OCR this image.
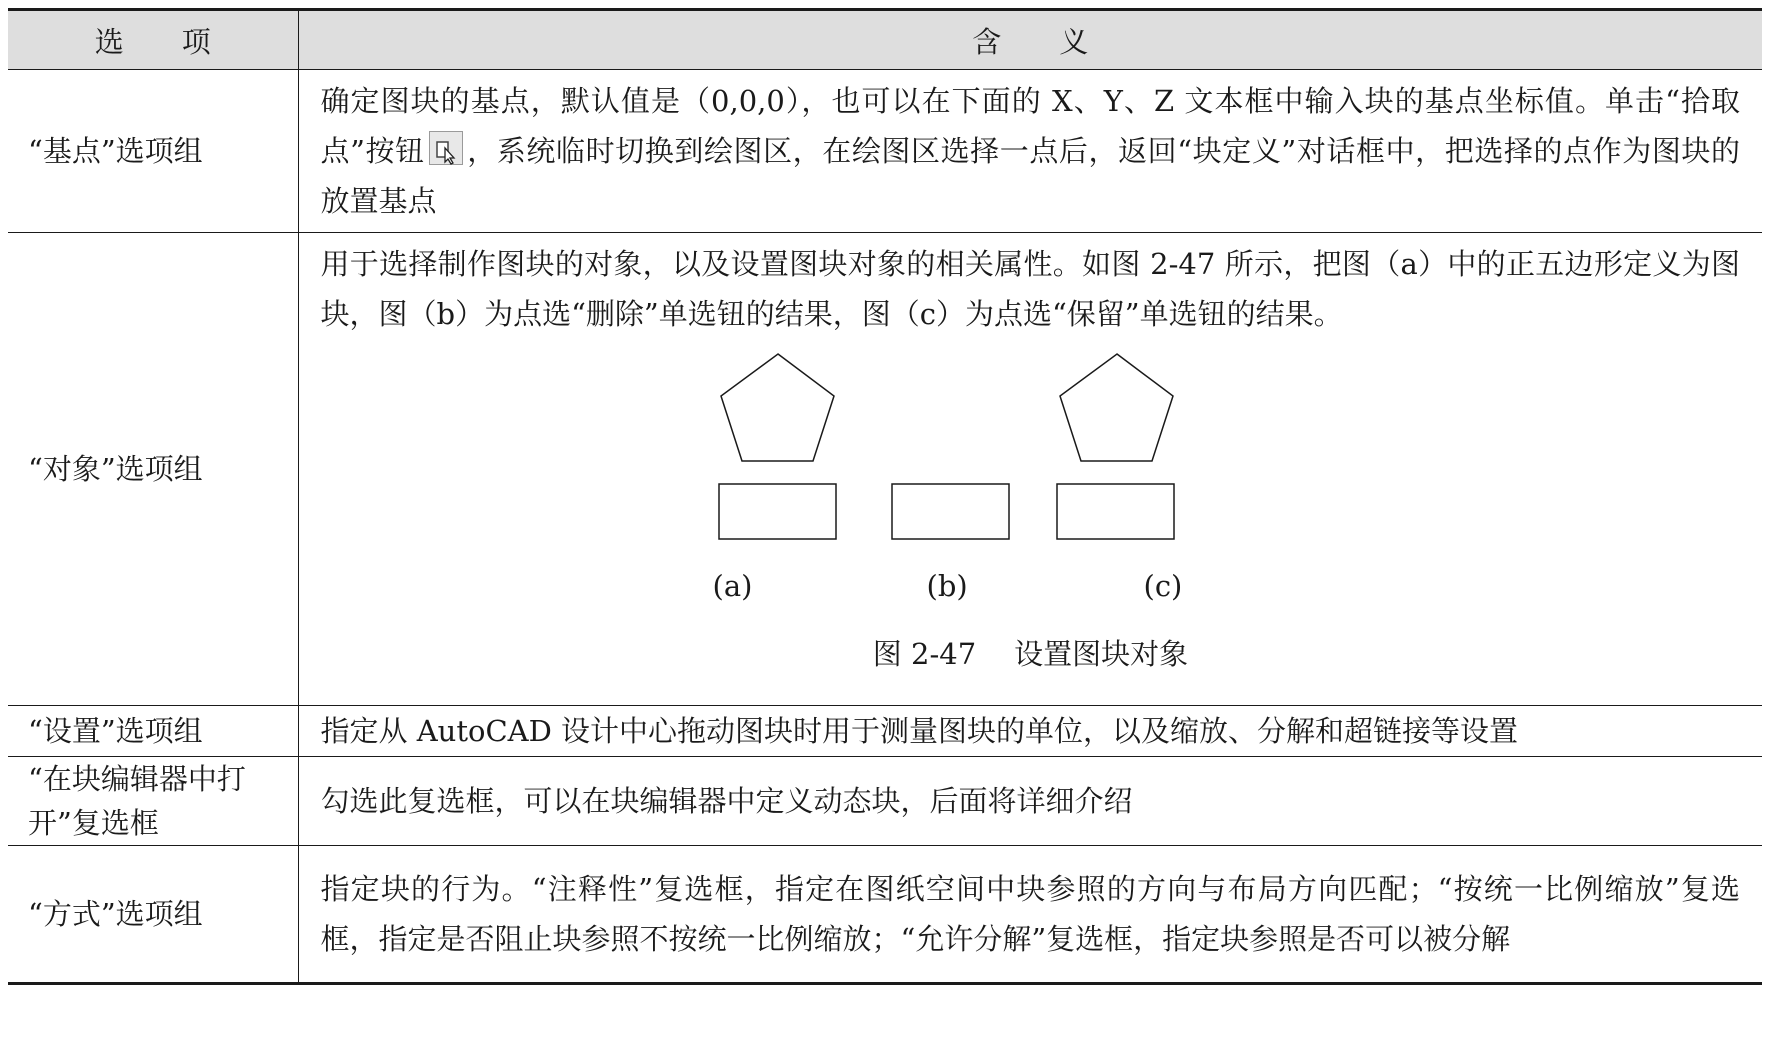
选　　项	含　　义
“基点”选项组	确定图块的基点，默认值是（0,0,0），也可以在下面的 X、Y、Z 文本框中输入块的基点坐标值。单击“拾取点”按钮 ，系统临时切换到绘图区，在绘图区选择一点后，返回“块定义”对话框中，把选择的点作为图块的放置基点
“对象”选项组	用于选择制作图块的对象，以及设置图块对象的相关属性。如图 2-47 所示，把图（a）中的正五边形定义为图块，图（b）为点选“删除”单选钮的结果，图（c）为点选“保留”单选钮的结果。
(a) (b) (c)
图 2-47 设置图块对象

“设置”选项组	指定从 AutoCAD 设计中心拖动图块时用于测量图块的单位，以及缩放、分解和超链接等设置
“在块编辑器中打开”复选框	勾选此复选框，可以在块编辑器中定义动态块，后面将详细介绍
“方式”选项组	指定块的行为。“注释性”复选框，指定在图纸空间中块参照的方向与布局方向匹配；“按统一比例缩放”复选框，指定是否阻止块参照不按统一比例缩放；“允许分解”复选框，指定块参照是否可以被分解
